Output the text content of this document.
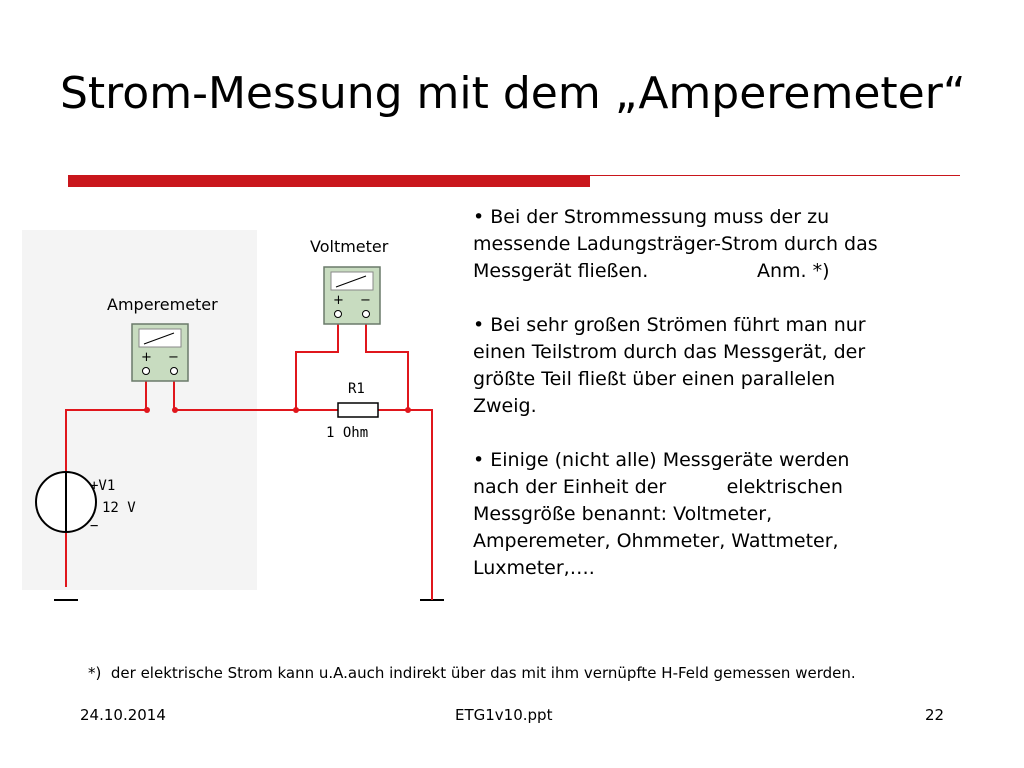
Strom-Messung mit dem „Amperemeter“
R1
1 Ohm
+V1
12 V
−
Amperemeter
+ −
Voltmeter
+ −

• Bei der Strommessung muss der zu
messende Ladungsträger-Strom durch das
Messgerät fließen.                  Anm. *)

• Bei sehr großen Strömen führt man nur
einen Teilstrom durch das Messgerät, der
größte Teil fließt über einen parallelen
Zweig.

• Einige (nicht alle) Messgeräte werden
nach der Einheit der          elektrischen
Messgröße benannt: Voltmeter,
Amperemeter, Ohmmeter, Wattmeter,
Luxmeter,….

*)  der elektrische Strom kann u.A.auch indirekt über das mit ihm vernüpfte H-Feld gemessen werden.
24.10.2014	ETG1v10.ppt	22
